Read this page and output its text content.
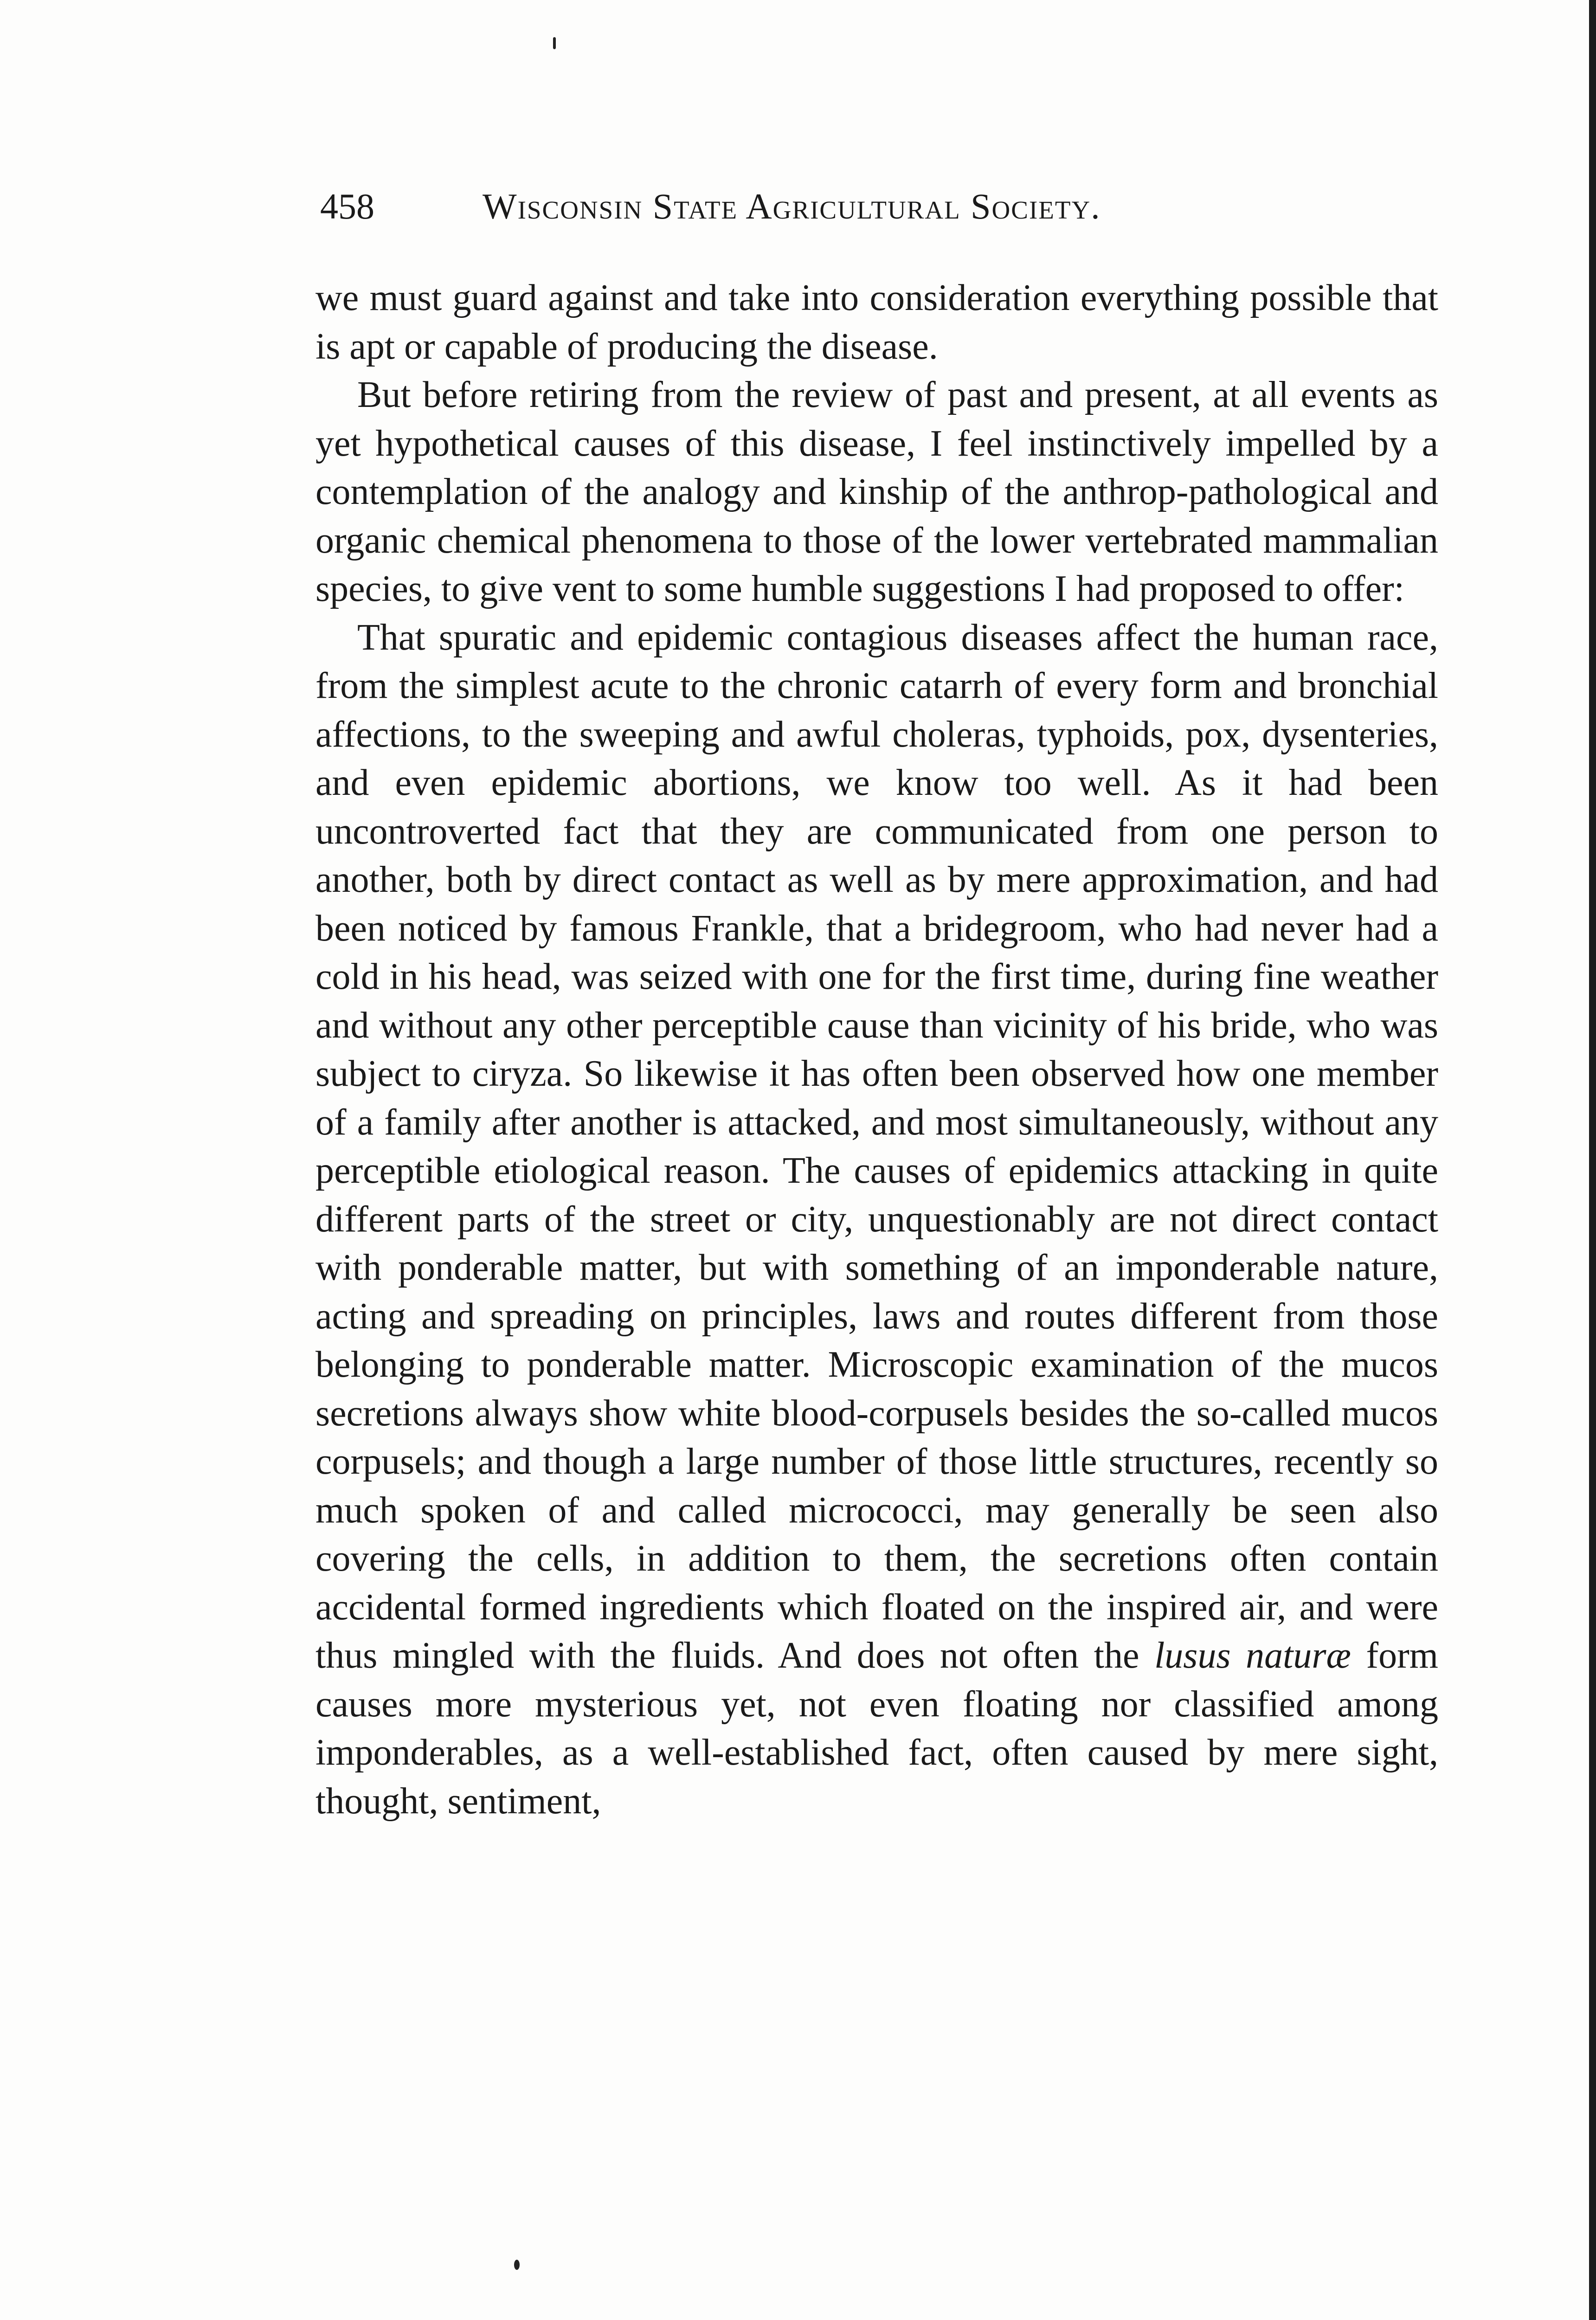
458	Wisconsin State Agricultural Society.

we must guard against and take into consideration everything possible that is apt or capable of producing the disease.

But before retiring from the review of past and present, at all events as yet hypothetical causes of this disease, I feel instinctively impelled by a contemplation of the analogy and kinship of the anthrop-pathological and organic chemical phenomena to those of the lower vertebrated mammalian species, to give vent to some humble suggestions I had proposed to offer:

That spuratic and epidemic contagious diseases affect the human race, from the simplest acute to the chronic catarrh of every form and bronchial affections, to the sweeping and awful choleras, typhoids, pox, dysenteries, and even epidemic abortions, we know too well. As it had been uncontroverted fact that they are communicated from one person to another, both by direct contact as well as by mere approximation, and had been noticed by famous Frankle, that a bridegroom, who had never had a cold in his head, was seized with one for the first time, during fine weather and without any other perceptible cause than vicinity of his bride, who was subject to ciryza. So likewise it has often been observed how one member of a family after another is attacked, and most simultaneously, without any perceptible etiological reason. The causes of epidemics attacking in quite different parts of the street or city, unquestionably are not direct contact with ponderable matter, but with something of an imponderable nature, acting and spreading on principles, laws and routes different from those belonging to ponderable matter. Microscopic examination of the mucos secretions always show white blood-corpusels besides the so-called mucos corpusels; and though a large number of those little structures, recently so much spoken of and called micrococci, may generally be seen also covering the cells, in addition to them, the secretions often contain accidental formed ingredients which floated on the inspired air, and were thus mingled with the fluids. And does not often the lusus naturæ form causes more mysterious yet, not even floating nor classified among imponderables, as a well-established fact, often caused by mere sight, thought, sentiment,
